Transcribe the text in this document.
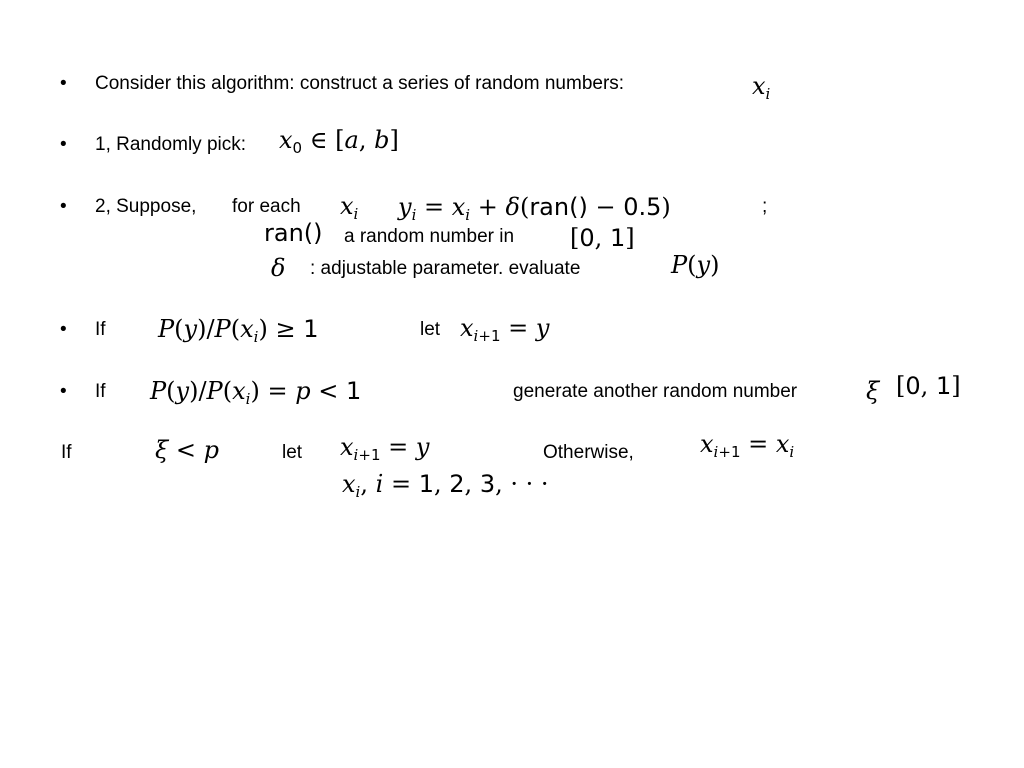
• Consider this algorithm: construct a series of random numbers:	$x_i$
• 1, Randomly pick: $x_0$ ∈ [a, b]
• 2, Suppose, for each $x_i$ $y_i = x_i + \delta(ran() - 0.5)$	;
ran() a random number in [0, 1]
δ : adjustable parameter. evaluate	P(y)
• If $P(y)/P(x_i) \ge 1$	let $x_{i+1} = y$
• If $P(y)/P(x_i) = p < 1$	generate another random number	ξ [0, 1]
If	ξ < p	let $x_{i+1} = y$	Otherwise,	$x_{i+1} = x_i$
$x_i$, i = 1, 2, 3, · · ·
